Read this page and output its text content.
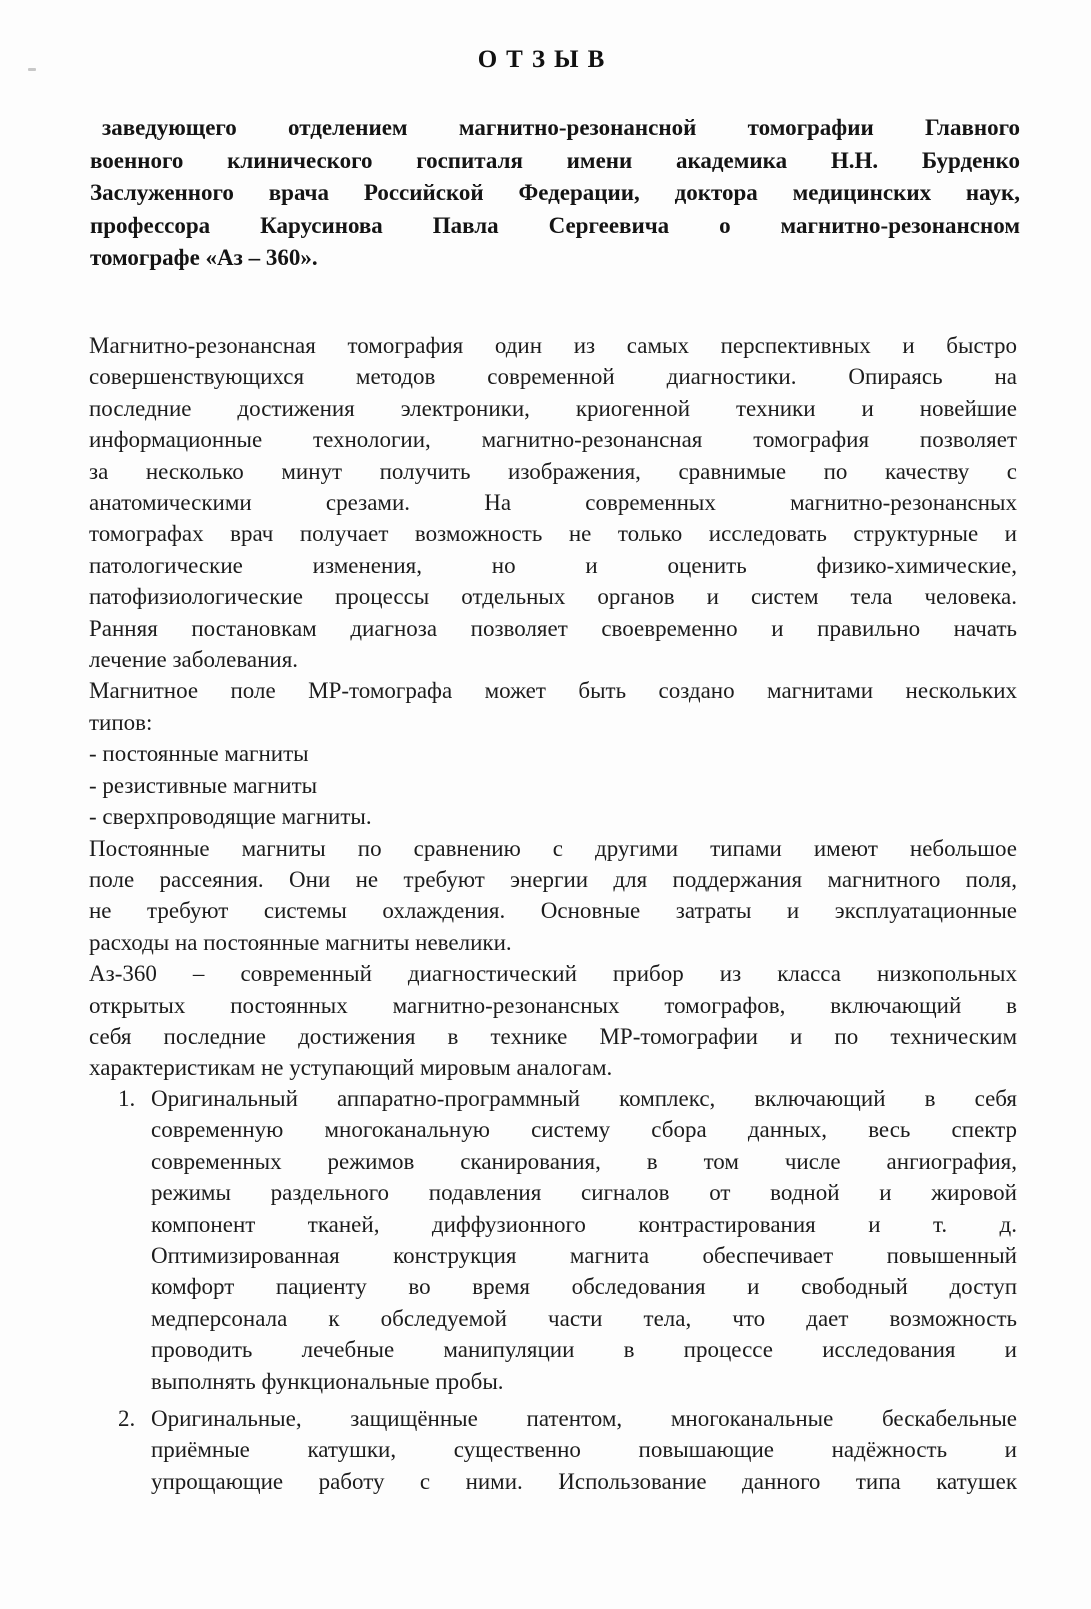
ОТЗЫВ
заведующего отделением магнитно-резонансной томографии Главного
военного клинического госпиталя имени академика Н.Н. Бурденко
Заслуженного врача Российской Федерации, доктора медицинских наук,
профессора Карусинова Павла Сергеевича о магнитно-резонансном
томографе «Аз – 360».
Магнитно-резонансная томография один из самых перспективных и быстро
совершенствующихся методов современной диагностики. Опираясь на
последние достижения электроники, криогенной техники и новейшие
информационные технологии, магнитно-резонансная томография позволяет
за несколько минут получить изображения, сравнимые по качеству с
анатомическими срезами. На современных магнитно-резонансных
томографах врач получает возможность не только исследовать структурные и
патологические изменения, но и оценить физико-химические,
патофизиологические процессы отдельных органов и систем тела человека.
Ранняя постановкам диагноза позволяет своевременно и правильно начать
лечение заболевания.
Магнитное поле МР-томографа может быть создано магнитами нескольких
типов:
- постоянные магниты
- резистивные магниты
- сверхпроводящие магниты.
Постоянные магниты по сравнению с другими типами имеют небольшое
поле рассеяния. Они не требуют энергии для поддержания магнитного поля,
не требуют системы охлаждения. Основные затраты и эксплуатационные
расходы на постоянные магниты невелики.
Аз-360 – современный диагностический прибор из класса низкопольных
открытых постоянных магнитно-резонансных томографов, включающий в
себя последние достижения в технике МР-томографии и по техническим
характеристикам не уступающий мировым аналогам.
1. Оригинальный аппаратно-программный комплекс, включающий в себя
современную многоканальную систему сбора данных, весь спектр
современных режимов сканирования, в том числе ангиография,
режимы раздельного подавления сигналов от водной и жировой
компонент тканей, диффузионного контрастирования и т. д.
Оптимизированная конструкция магнита обеспечивает повышенный
комфорт пациенту во время обследования и свободный доступ
медперсонала к обследуемой части тела, что дает возможность
проводить лечебные манипуляции в процессе исследования и
выполнять функциональные пробы.
2. Оригинальные, защищённые патентом, многоканальные бескабельные
приёмные катушки, существенно повышающие надёжность и
упрощающие работу с ними. Использование данного типа катушек
